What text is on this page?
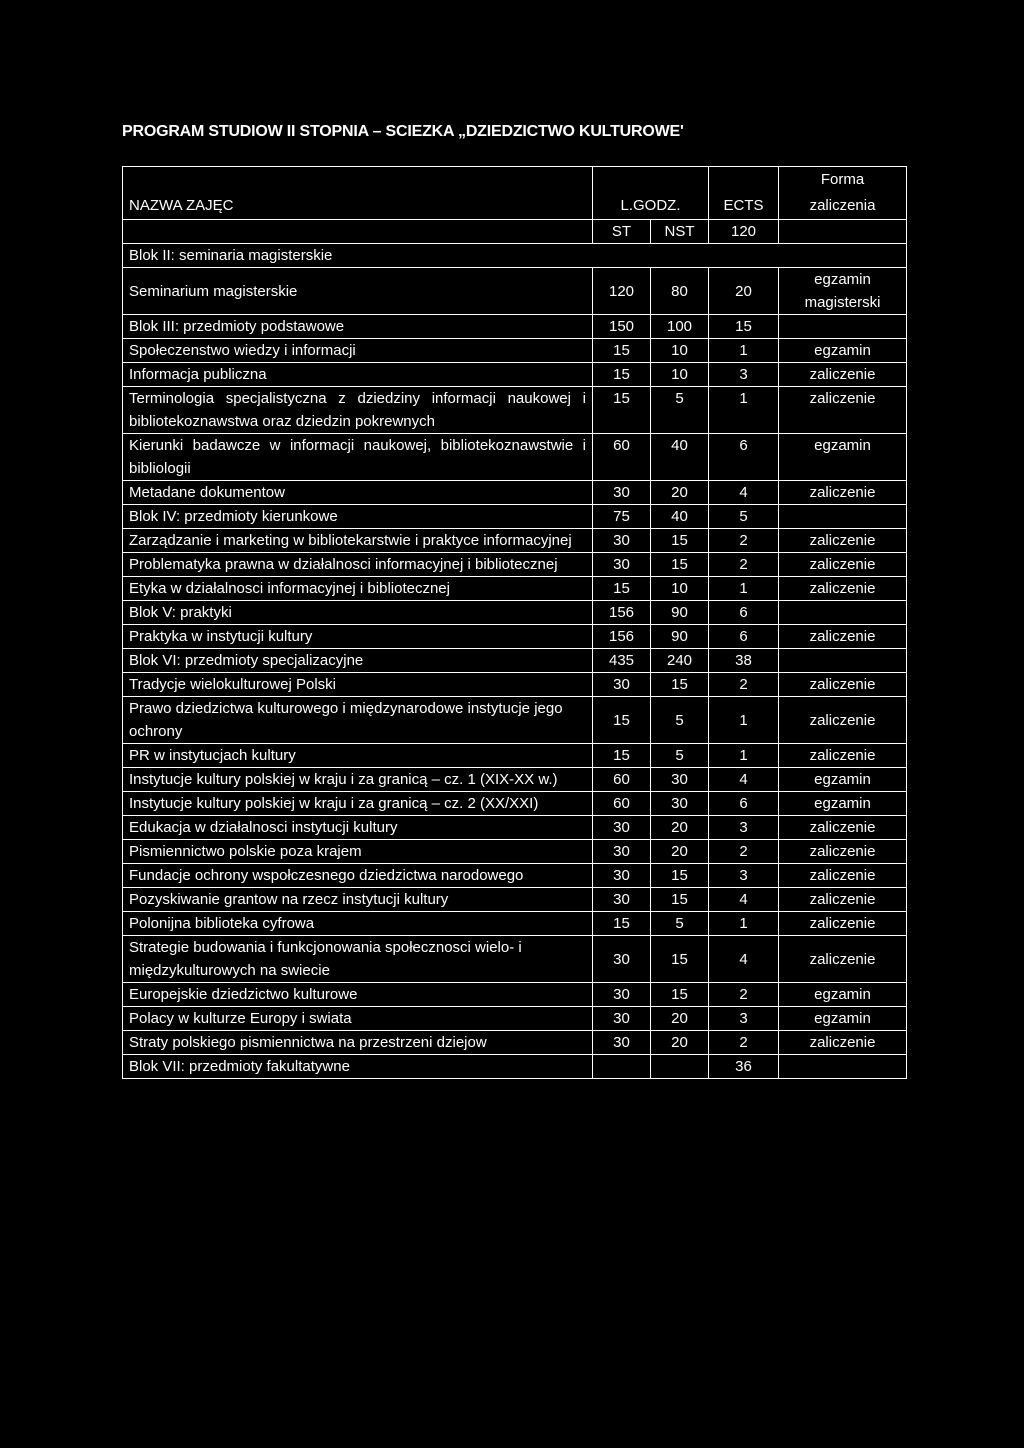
PROGRAM STUDIOW II STOPNIA – SCIEZKA „DZIEDZICTWO KULTUROWE'
NAZWA ZAJĘC	L.GODZ.		ECTS	Forma
zaliczenia

	ST	NST	120	
Blok II: seminaria magisterskie				
Seminarium magisterskie	120	80	20	egzamin magisterski
Blok III: przedmioty podstawowe	150	100	15	
Społeczenstwo wiedzy i informacji	15	10	1	egzamin
Informacja publiczna	15	10	3	zaliczenie
Terminologia specjalistyczna z dziedziny informacji naukowej i bibliotekoznawstwa oraz dziedzin pokrewnych	15	5	1	zaliczenie
Kierunki badawcze w informacji naukowej, bibliotekoznawstwie i bibliologii	60	40	6	egzamin
Metadane dokumentow	30	20	4	zaliczenie
Blok IV: przedmioty kierunkowe	75	40	5	
Zarządzanie i marketing w bibliotekarstwie i praktyce informacyjnej	30	15	2	zaliczenie
Problematyka prawna w działalnosci informacyjnej i bibliotecznej	30	15	2	zaliczenie
Etyka w działalnosci informacyjnej i bibliotecznej	15	10	1	zaliczenie
Blok V: praktyki	156	90	6	
Praktyka w instytucji kultury	156	90	6	zaliczenie
Blok VI: przedmioty specjalizacyjne	435	240	38	
Tradycje wielokulturowej Polski	30	15	2	zaliczenie
Prawo dziedzictwa kulturowego i międzynarodowe instytucje jego ochrony	15	5	1	zaliczenie
PR w instytucjach kultury	15	5	1	zaliczenie
Instytucje kultury polskiej w kraju i za granicą – cz. 1 (XIX-XX w.)	60	30	4	egzamin
Instytucje kultury polskiej w kraju i za granicą – cz. 2 (XX/XXI)	60	30	6	egzamin
Edukacja w działalnosci instytucji kultury	30	20	3	zaliczenie
Pismiennictwo polskie poza krajem	30	20	2	zaliczenie
Fundacje ochrony wspołczesnego dziedzictwa narodowego	30	15	3	zaliczenie
Pozyskiwanie grantow na rzecz instytucji kultury	30	15	4	zaliczenie
Polonijna biblioteka cyfrowa	15	5	1	zaliczenie
Strategie budowania i funkcjonowania społecznosci wielo- i międzykulturowych na swiecie	30	15	4	zaliczenie
Europejskie dziedzictwo kulturowe	30	15	2	egzamin
Polacy w kulturze Europy i swiata	30	20	3	egzamin
Straty polskiego pismiennictwa na przestrzeni dziejow	30	20	2	zaliczenie
Blok VII: przedmioty fakultatywne			36	
